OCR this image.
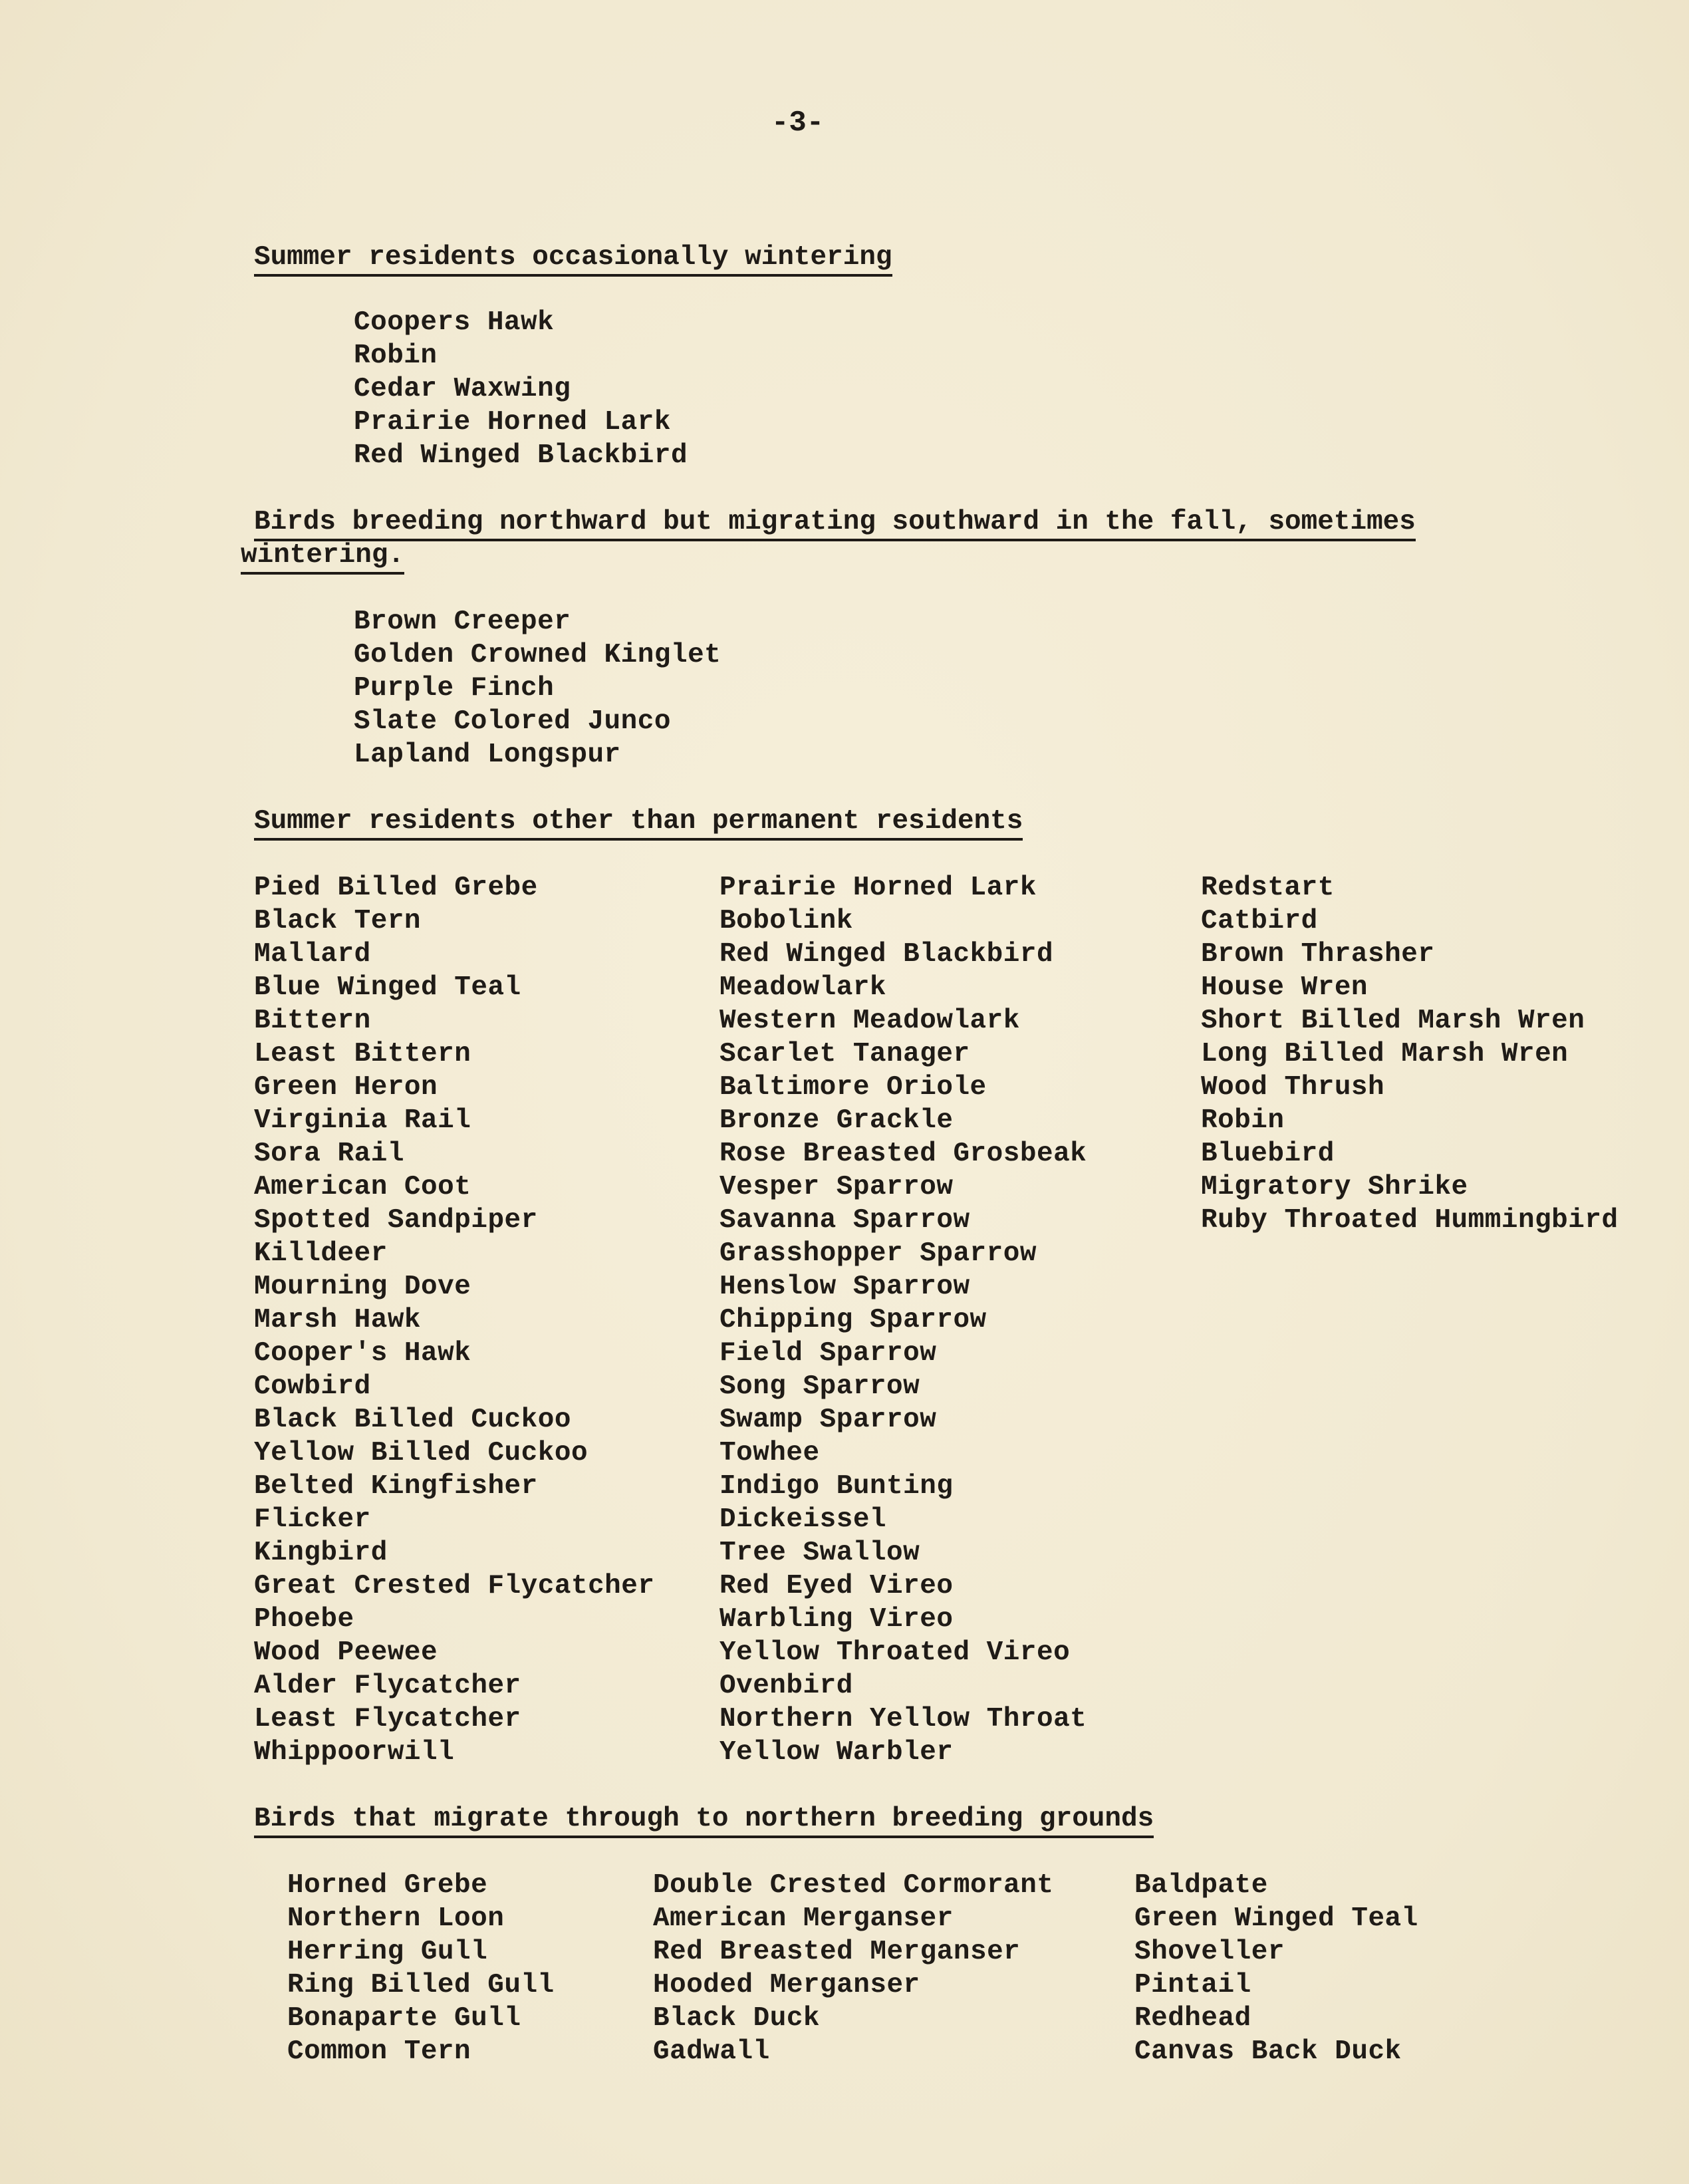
-3-
Summer residents occasionally wintering
Coopers Hawk
Robin
Cedar Waxwing
Prairie Horned Lark
Red Winged Blackbird
Birds breeding northward but migrating southward in the fall, sometimes
wintering.
Brown Creeper
Golden Crowned Kinglet
Purple Finch
Slate Colored Junco
Lapland Longspur
Summer residents other than permanent residents
Pied Billed Grebe
Black Tern
Mallard
Blue Winged Teal
Bittern
Least Bittern
Green Heron
Virginia Rail
Sora Rail
American Coot
Spotted Sandpiper
Killdeer
Mourning Dove
Marsh Hawk
Cooper's Hawk
Cowbird
Black Billed Cuckoo
Yellow Billed Cuckoo
Belted Kingfisher
Flicker
Kingbird
Great Crested Flycatcher
Phoebe
Wood Peewee
Alder Flycatcher
Least Flycatcher
Whippoorwill
Prairie Horned Lark
Bobolink
Red Winged Blackbird
Meadowlark
Western Meadowlark
Scarlet Tanager
Baltimore Oriole
Bronze Grackle
Rose Breasted Grosbeak
Vesper Sparrow
Savanna Sparrow
Grasshopper Sparrow
Henslow Sparrow
Chipping Sparrow
Field Sparrow
Song Sparrow
Swamp Sparrow
Towhee
Indigo Bunting
Dickeissel
Tree Swallow
Red Eyed Vireo
Warbling Vireo
Yellow Throated Vireo
Ovenbird
Northern Yellow Throat
Yellow Warbler
Redstart
Catbird
Brown Thrasher
House Wren
Short Billed Marsh Wren
Long Billed Marsh Wren
Wood Thrush
Robin
Bluebird
Migratory Shrike
Ruby Throated Hummingbird
Birds that migrate through to northern breeding grounds
Horned Grebe
Northern Loon
Herring Gull
Ring Billed Gull
Bonaparte Gull
Common Tern
Double Crested Cormorant
American Merganser
Red Breasted Merganser
Hooded Merganser
Black Duck
Gadwall
Baldpate
Green Winged Teal
Shoveller
Pintail
Redhead
Canvas Back Duck
